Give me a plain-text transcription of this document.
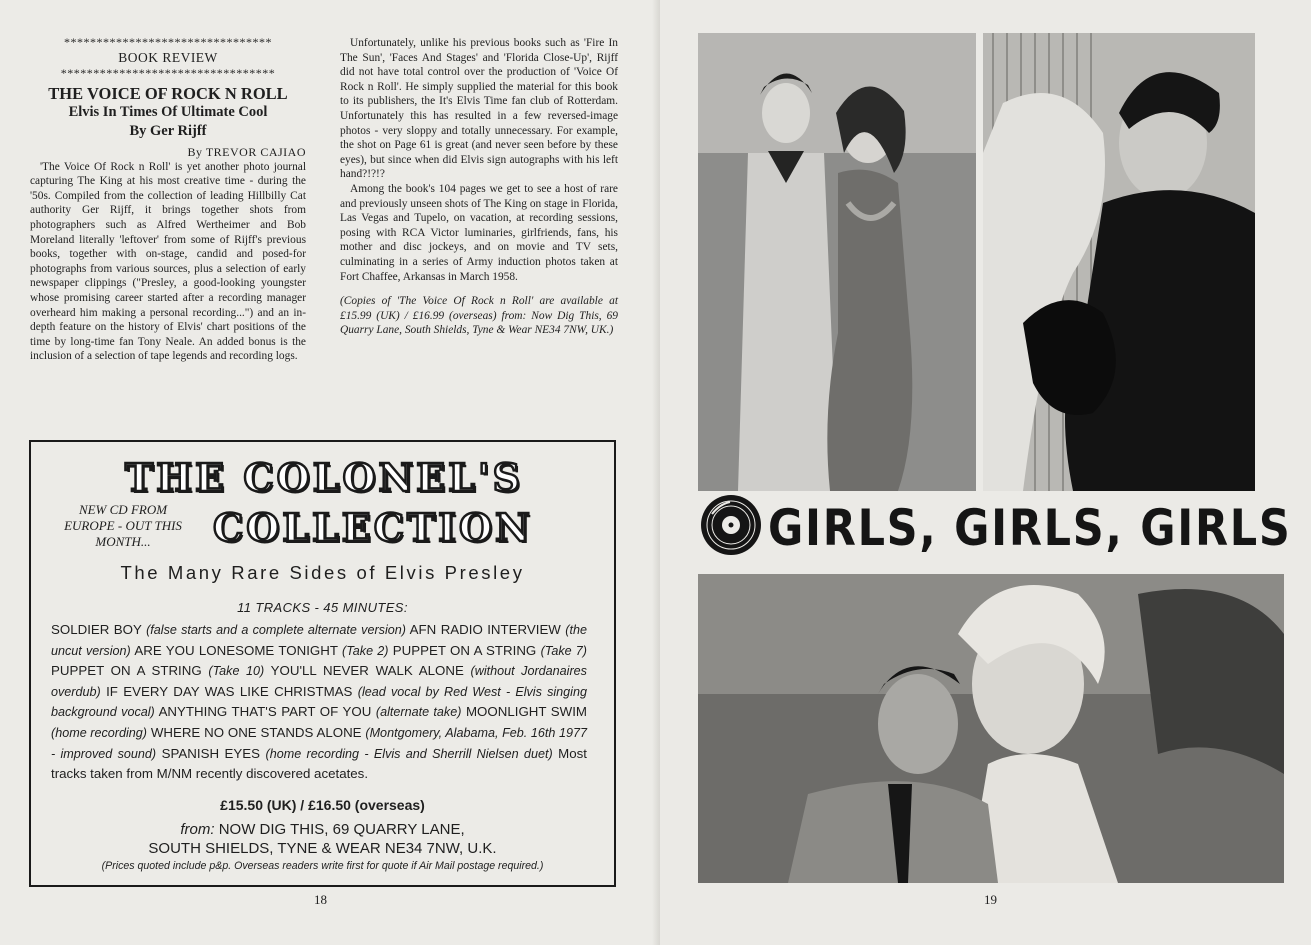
********************************
BOOK REVIEW
*********************************
THE VOICE OF ROCK N ROLL
Elvis In Times Of Ultimate Cool
By Ger Rijff
By TREVOR CAJIAO

'The Voice Of Rock n Roll' is yet another photo journal capturing The King at his most creative time - during the '50s. Compiled from the collection of leading Hillbilly Cat authority Ger Rijff, it brings together shots from photographers such as Alfred Wertheimer and Bob Moreland literally 'leftover' from some of Rijff's previous books, together with on-stage, candid and posed-for photographs from various sources, plus a selection of early newspaper clippings ("Presley, a good-looking youngster whose promising career started after a recording manager overheard him making a personal recording...") and an in-depth feature on the history of Elvis' chart positions of the time by long-time fan Tony Neale. An added bonus is the inclusion of a selection of tape legends and recording logs.

Unfortunately, unlike his previous books such as 'Fire In The Sun', 'Faces And Stages' and 'Florida Close-Up', Rijff did not have total control over the production of 'Voice Of Rock n Roll'. He simply supplied the material for this book to its publishers, the It's Elvis Time fan club of Rotterdam. Unfortunately this has resulted in a few reversed-image photos - very sloppy and totally unnecessary. For example, the shot on Page 61 is great (and never seen before by these eyes), but since when did Elvis sign autographs with his left hand?!?!?

Among the book's 104 pages we get to see a host of rare and previously unseen shots of The King on stage in Florida, Las Vegas and Tupelo, on vacation, at recording sessions, posing with RCA Victor luminaries, girlfriends, fans, his mother and disc jockeys, and on movie and TV sets, culminating in a series of Army induction photos taken at Fort Chaffee, Arkansas in March 1958.

(Copies of 'The Voice Of Rock n Roll' are available at £15.99 (UK) / £16.99 (overseas) from: Now Dig This, 69 Quarry Lane, South Shields, Tyne & Wear NE34 7NW, UK.)

THE COLONEL'S
COLLECTION
NEW CD FROM EUROPE - OUT THIS MONTH...
The Many Rare Sides of Elvis Presley
11 TRACKS - 45 MINUTES:
SOLDIER BOY (false starts and a complete alternate version) AFN RADIO INTERVIEW (the uncut version) ARE YOU LONESOME TONIGHT (Take 2) PUPPET ON A STRING (Take 7) PUPPET ON A STRING (Take 10) YOU'LL NEVER WALK ALONE (without Jordanaires overdub) IF EVERY DAY WAS LIKE CHRISTMAS (lead vocal by Red West - Elvis singing background vocal) ANYTHING THAT'S PART OF YOU (alternate take) MOONLIGHT SWIM (home recording) WHERE NO ONE STANDS ALONE (Montgomery, Alabama, Feb. 16th 1977 - improved sound) SPANISH EYES (home recording - Elvis and Sherrill Nielsen duet) Most tracks taken from M/NM recently discovered acetates.
£15.50 (UK) / £16.50 (overseas)
from: NOW DIG THIS, 69 QUARRY LANE,
SOUTH SHIELDS, TYNE & WEAR NE34 7NW, U.K.
(Prices quoted include p&p. Overseas readers write first for quote if Air Mail postage required.)
18
GIRLS, GIRLS, GIRLS
19
